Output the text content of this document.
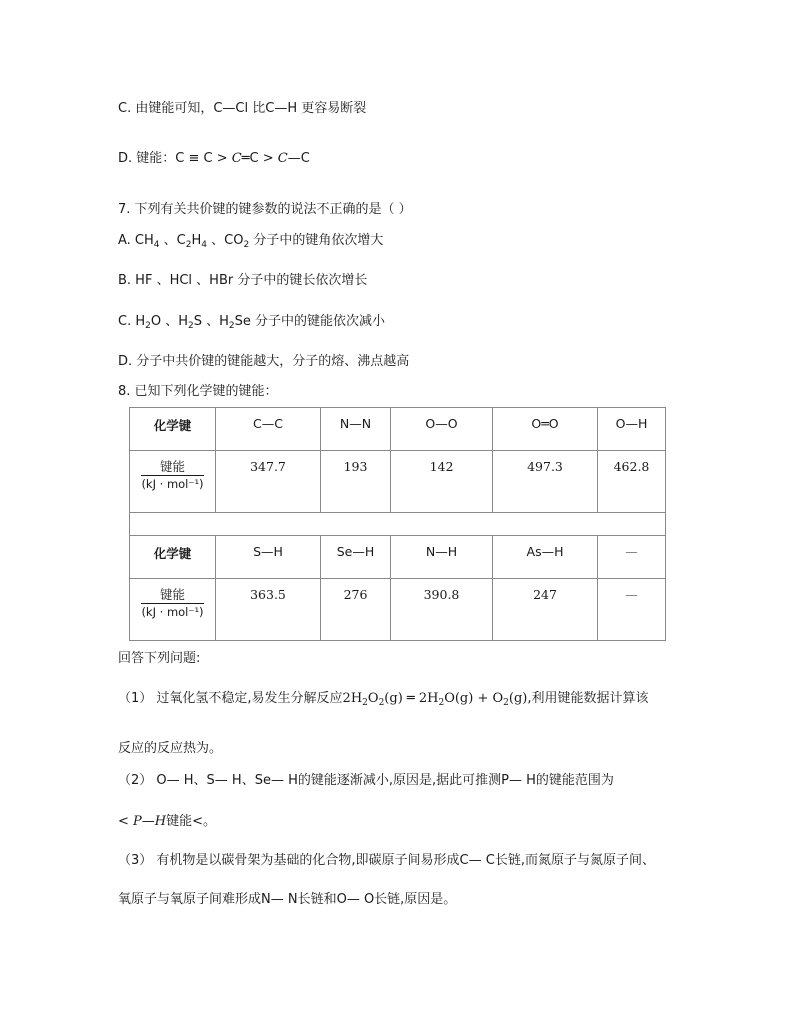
C. 由键能可知，C—Cl 比C—H 更容易断裂
D. 键能：C ≡ C > C═C > C—C
7. 下列有关共价键的键参数的说法不正确的是（ ）
A. $CH_4$ 、$C_2H_4$ 、$CO_2$ 分子中的键角依次增大
B. HF 、HCl 、HBr 分子中的键长依次增长
C. $H_2O$ 、$H_2S$ 、$H_2Se$ 分子中的键能依次减小
D. 分子中共价键的键能越大，分子的熔、沸点越高
8. 已知下列化学键的键能：
化学键	C—C	N—N	O—O	O═O	O—H

$\frac{\text{键能}}{\text{(kJ · mol⁻¹)}}$	347.7	193	142	497.3	462.8

化学键	S—H	Se—H	N—H	As—H	—

$\frac{\text{键能}}{\text{(kJ · mol⁻¹)}}$	363.5	276	390.8	247	—
回答下列问题:
（1） 过氧化氢不稳定,易发生分解反应$2H_2O_2(g)$ ═ $2H_2O(g) + O_2(g)$,利用键能数据计算该
反应的反应热为。
（2） O— H、S— H、Se— H的键能逐渐减小,原因是,据此可推测P— H的键能范围为
< P—H键能<。
（3） 有机物是以碳骨架为基础的化合物,即碳原子间易形成C— C长链,而氮原子与氮原子间、
氧原子与氧原子间难形成N— N长链和O— O长链,原因是。
